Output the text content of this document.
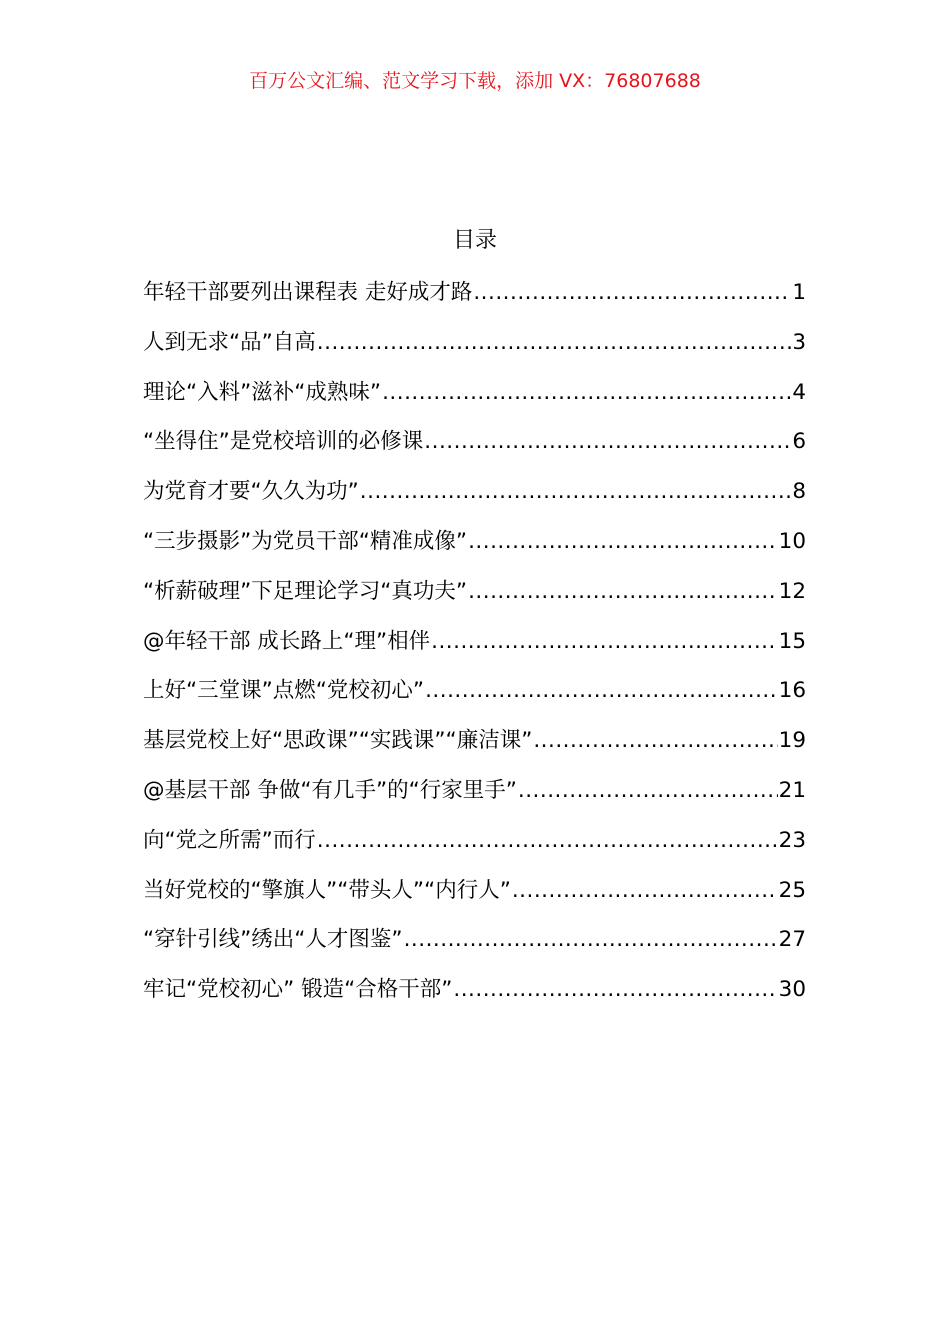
百万公文汇编、范文学习下载，添加 VX：76807688
目录
年轻干部要列出课程表 走好成才路 .....	1
人到无求“品”自高 .....	3
理论“入料”滋补“成熟味” .....	4
“坐得住”是党校培训的必修课 .....	6
为党育才要“久久为功” .....	8
“三步摄影”为党员干部“精准成像” .....	10
“析薪破理”下足理论学习“真功夫” .....	12
@年轻干部 成长路上“理”相伴 .....	15
上好“三堂课”点燃“党校初心” .....	16
基层党校上好“思政课”“实践课”“廉洁课” .....	19
@基层干部 争做“有几手”的“行家里手” .....	21
向“党之所需”而行 .....	23
当好党校的“擎旗人”“带头人”“内行人” .....	25
“穿针引线”绣出“人才图鉴” .....	27
牢记“党校初心” 锻造“合格干部” .....	30
